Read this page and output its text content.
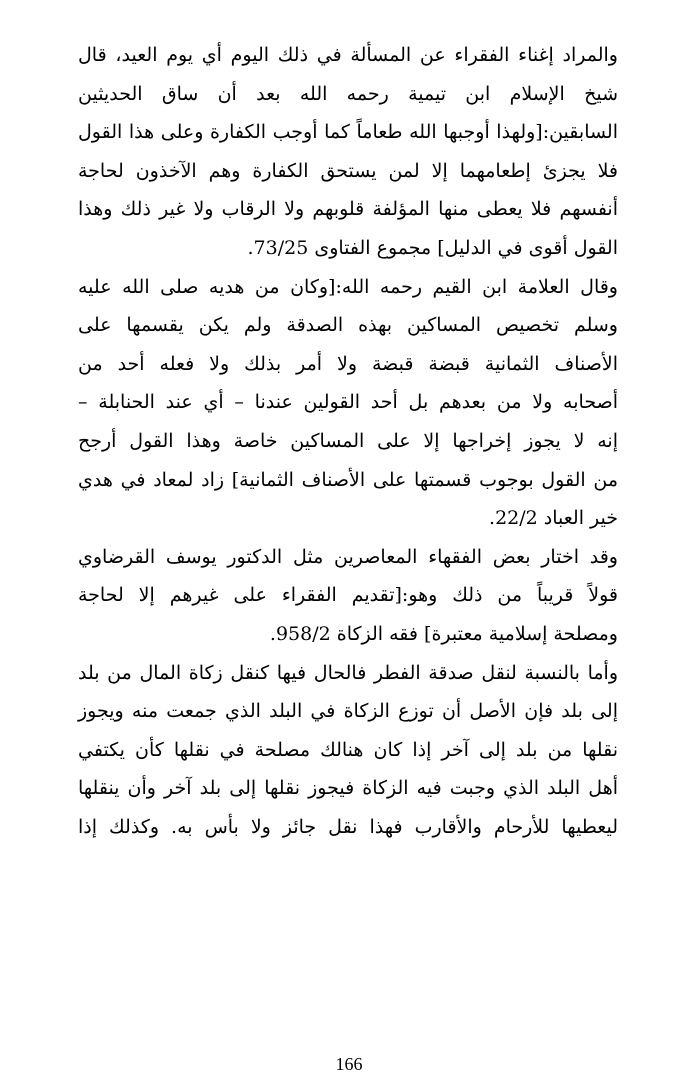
والمراد إغناء الفقراء عن المسألة في ذلك اليوم أي يوم العيد، قال
شيخ الإسلام ابن تيمية رحمه الله بعد أن ساق الحديثين
السابقين:[ولهذا أوجبها الله طعاماً كما أوجب الكفارة وعلى هذا القول
فلا يجزئ إطعامهما إلا لمن يستحق الكفارة وهم الآخذون لحاجة
أنفسهم فلا يعطى منها المؤلفة قلوبهم ولا الرقاب ولا غير ذلك وهذا
القول أقوى في الدليل] مجموع الفتاوى 73/25.
وقال العلامة ابن القيم رحمه الله:[وكان من هديه صلى الله عليه
وسلم تخصيص المساكين بهذه الصدقة ولم يكن يقسمها على
الأصناف الثمانية قبضة قبضة ولا أمر بذلك ولا فعله أحد من
أصحابه ولا من بعدهم بل أحد القولين عندنا – أي عند الحنابلة –
إنه لا يجوز إخراجها إلا على المساكين خاصة وهذا القول أرجح
من القول بوجوب قسمتها على الأصناف الثمانية] زاد لمعاد في هدي
خير العباد 22/2.
وقد اختار بعض الفقهاء المعاصرين مثل الدكتور يوسف القرضاوي
قولاً قريباً من ذلك وهو:[تقديم الفقراء على غيرهم إلا لحاجة
ومصلحة إسلامية معتبرة] فقه الزكاة 958/2.
وأما بالنسبة لنقل صدقة الفطر فالحال فيها كنقل زكاة المال من بلد
إلى بلد فإن الأصل أن توزع الزكاة في البلد الذي جمعت منه ويجوز
نقلها من بلد إلى آخر إذا كان هنالك مصلحة في نقلها كأن يكتفي
أهل البلد الذي وجبت فيه الزكاة فيجوز نقلها إلى بلد آخر وأن ينقلها
ليعطيها للأرحام والأقارب فهذا نقل جائز ولا بأس به. وكذلك إذا
166
